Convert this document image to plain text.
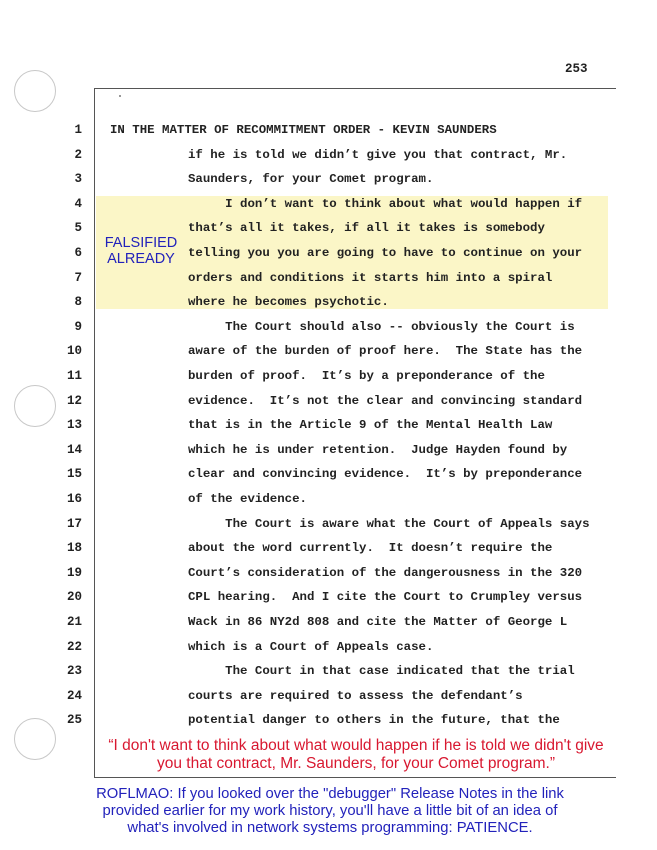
253
1 IN THE MATTER OF RECOMMITMENT ORDER - KEVIN SAUNDERS
2	if he is told we didn’t give you that contract, Mr.
3	Saunders, for your Comet program.
4	I don’t want to think about what would happen if
5	that’s all it takes, if all it takes is somebody
6	telling you you are going to have to continue on your
7	orders and conditions it starts him into a spiral
8	where he becomes psychotic.
9	The Court should also -- obviously the Court is
10	aware of the burden of proof here.  The State has the
11	burden of proof.  It’s by a preponderance of the
12	evidence.  It’s not the clear and convincing standard
13	that is in the Article 9 of the Mental Health Law
14	which he is under retention.  Judge Hayden found by
15	clear and convincing evidence.  It’s by preponderance
16	of the evidence.
17	The Court is aware what the Court of Appeals says
18	about the word currently.  It doesn’t require the
19	Court’s consideration of the dangerousness in the 320
20	CPL hearing.  And I cite the Court to Crumpley versus
21	Wack in 86 NY2d 808 and cite the Matter of George L
22	which is a Court of Appeals case.
23	The Court in that case indicated that the trial
24	courts are required to assess the defendant’s
25	potential danger to others in the future, that the
FALSIFIED
ALREADY
“I don't want to think about what would happen if he is told we didn't give you that contract, Mr. Saunders, for your Comet program.”
ROFLMAO: If you looked over the "debugger" Release Notes in the link provided earlier for my work history, you'll have a little bit of an idea of what's involved in network systems programming: PATIENCE.
